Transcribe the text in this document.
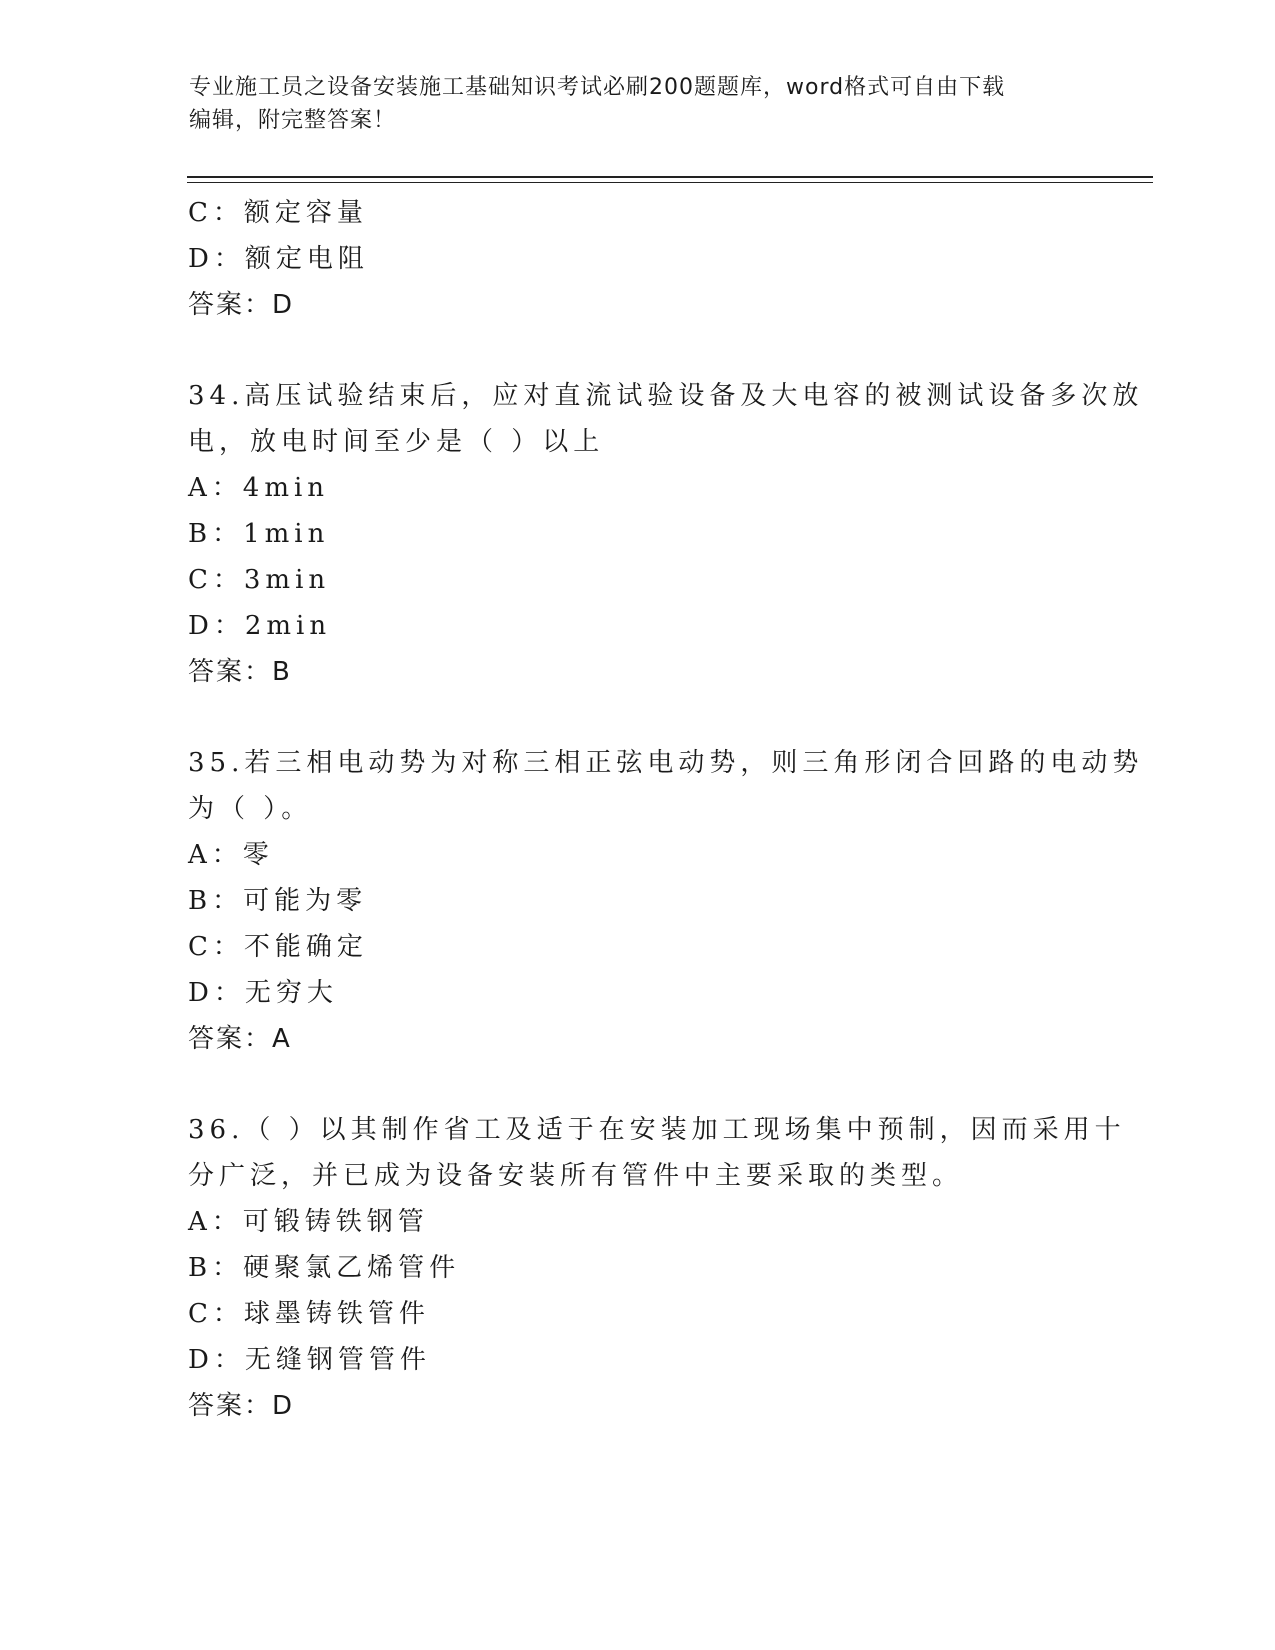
专业施工员之设备安装施工基础知识考试必刷200题题库，word格式可自由下载
编辑，附完整答案！
C：额定容量
D：额定电阻
答案：D
34.高压试验结束后，应对直流试验设备及大电容的被测试设备多次放
电，放电时间至少是（ ）以上
A：4min
B：1min
C：3min
D：2min
答案：B
35.若三相电动势为对称三相正弦电动势，则三角形闭合回路的电动势
为（ ）。
A：零
B：可能为零
C：不能确定
D：无穷大
答案：A
36.（ ）以其制作省工及适于在安装加工现场集中预制，因而采用十
分广泛，并已成为设备安装所有管件中主要采取的类型。
A：可锻铸铁钢管
B：硬聚氯乙烯管件
C：球墨铸铁管件
D：无缝钢管管件
答案：D
